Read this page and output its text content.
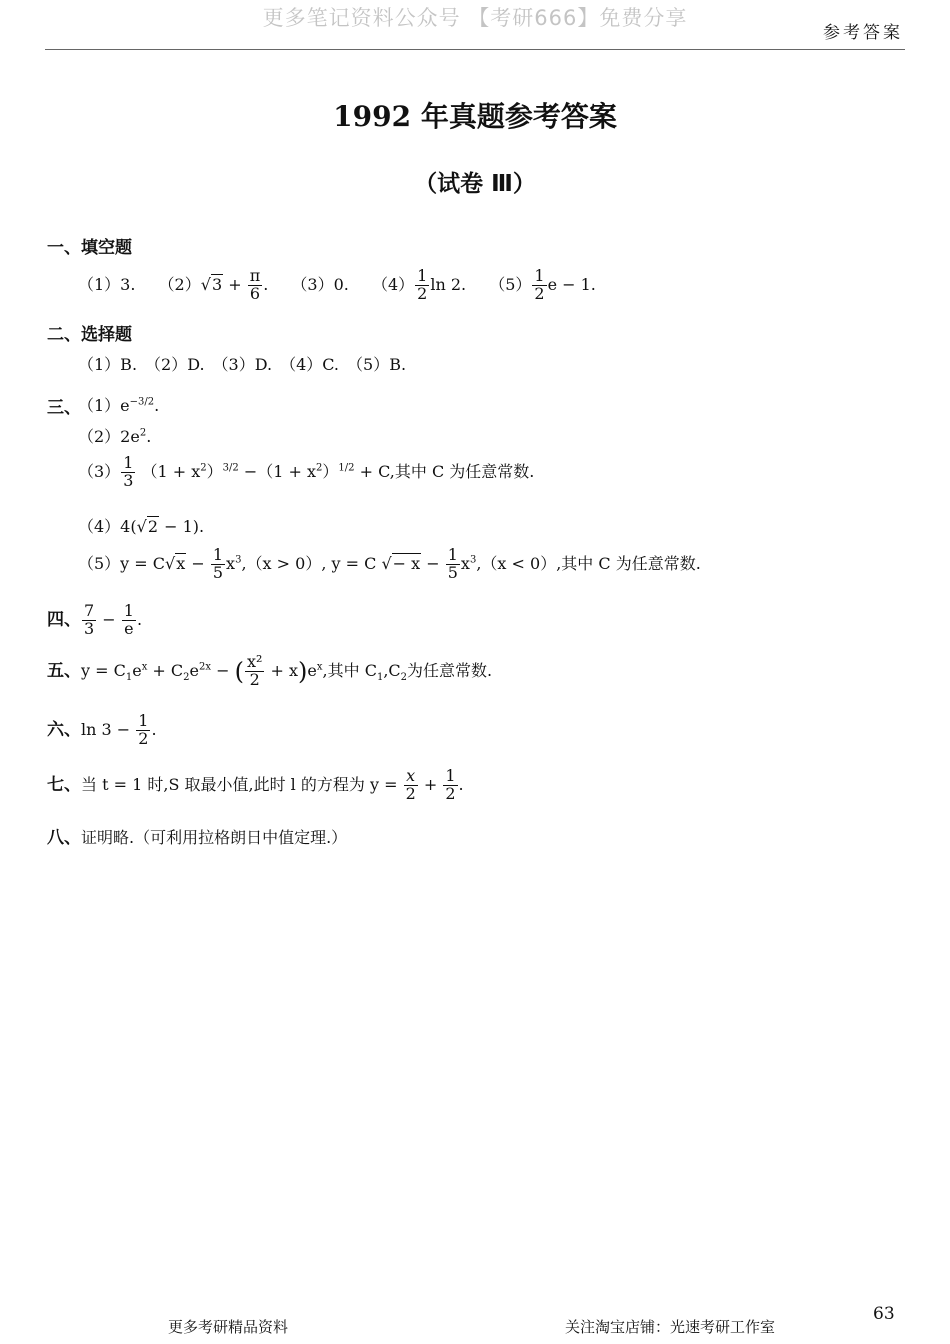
更多笔记资料公众号 【考研666】免费分享
参考答案
1992 年真题参考答案
（试卷 Ⅲ）
一、填空题
（1）3. $(2)√3 + \frac{\pi}{6}$ . （3）0. $(4) \frac{1}{2}$ ln 2. $(5) \frac{1}{2}$ e − 1.
二、选择题
（1）B.　（2）D.　（3）D.　（4）C.　（5）B.
三、
$(1)e^{-3/2}$.
$(2)2e^2$.
$(3) \frac{1}{3} (1 + x^2)^{3/2} -(1 + x^2)^{1/2} + C$,其中 C 为任意常数.
（4）4(√2 − 1).
$(5)y = C√x - \frac{1}{5} x^3,(x > 0)$, y = C √− $x - \frac{1}{5} x^3,(x < 0)$,其中 C 为任意常数.
四、 $\frac{7}{3} - \frac{1}{e}$ .
五、$y = C_1e^x + C_2e^{2x}$ − ( $\frac{\text{x²}}{2} + x)e^x$,其中 $C_1,C_2$为任意常数.
六、$\ln 3 - \frac{1}{2}$ .
七、当 t = 1 时,S 取最小值,此时 l 的方程为 $y = \frac{x}{2} + \frac{1}{2}$ .
八、证明略.（可利用拉格朗日中值定理.）
更多考研精品资料	关注淘宝店铺：光速考研工作室
63
